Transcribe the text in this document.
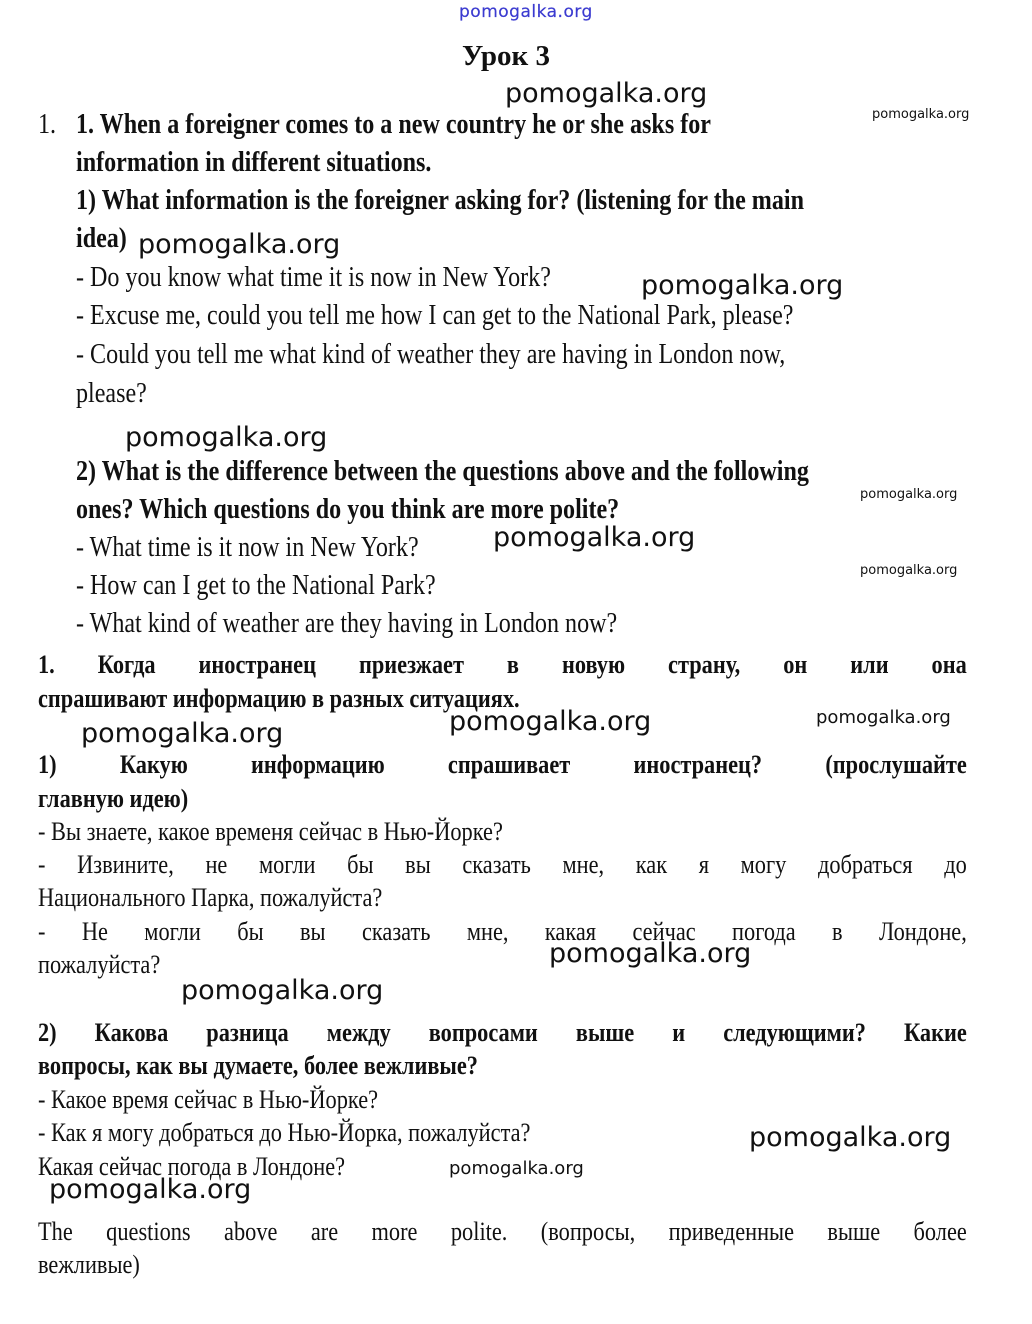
pomogalka.org
Урок 3
1. 1. When a foreigner comes to a new country he or she asks for
information in different situations.
1) What information is the foreigner asking for? (listening for the main
idea)
- Do you know what time it is now in New York?
- Excuse me, could you tell me how I can get to the National Park, please?
- Could you tell me what kind of weather they are having in London now,
please?
2) What is the difference between the questions above and the following
ones? Which questions do you think are more polite?
- What time is it now in New York?
- How can I get to the National Park?
- What kind of weather are they having in London now?
1. Когда иностранец приезжает в новую страну, он или она
спрашивают информацию в разных ситуациях.
1) Какую информацию спрашивает иностранец? (прослушайте
главную идею)
- Вы знаете, какое временя сейчас в Нью-Йорке?
- Извините, не могли бы вы сказать мне, как я могу добраться до
Национального Парка, пожалуйста?
- Не могли бы вы сказать мне, какая сейчас погода в Лондоне,
пожалуйста?
2) Какова разница между вопросами выше и следующими? Какие
вопросы, как вы думаете, более вежливые?
- Какое время сейчас в Нью-Йорке?
- Как я могу добраться до Нью-Йорка, пожалуйста?
Какая сейчас погода в Лондоне?
The questions above are more polite. (вопросы, приведенные выше более
вежливые)
pomogalka.org
pomogalka.org
pomogalka.org
pomogalka.org
pomogalka.org
pomogalka.org
pomogalka.org
pomogalka.org
pomogalka.org	pomogalka.org
pomogalka.org
pomogalka.org
pomogalka.org
pomogalka.org
pomogalka.org
pomogalka.org
